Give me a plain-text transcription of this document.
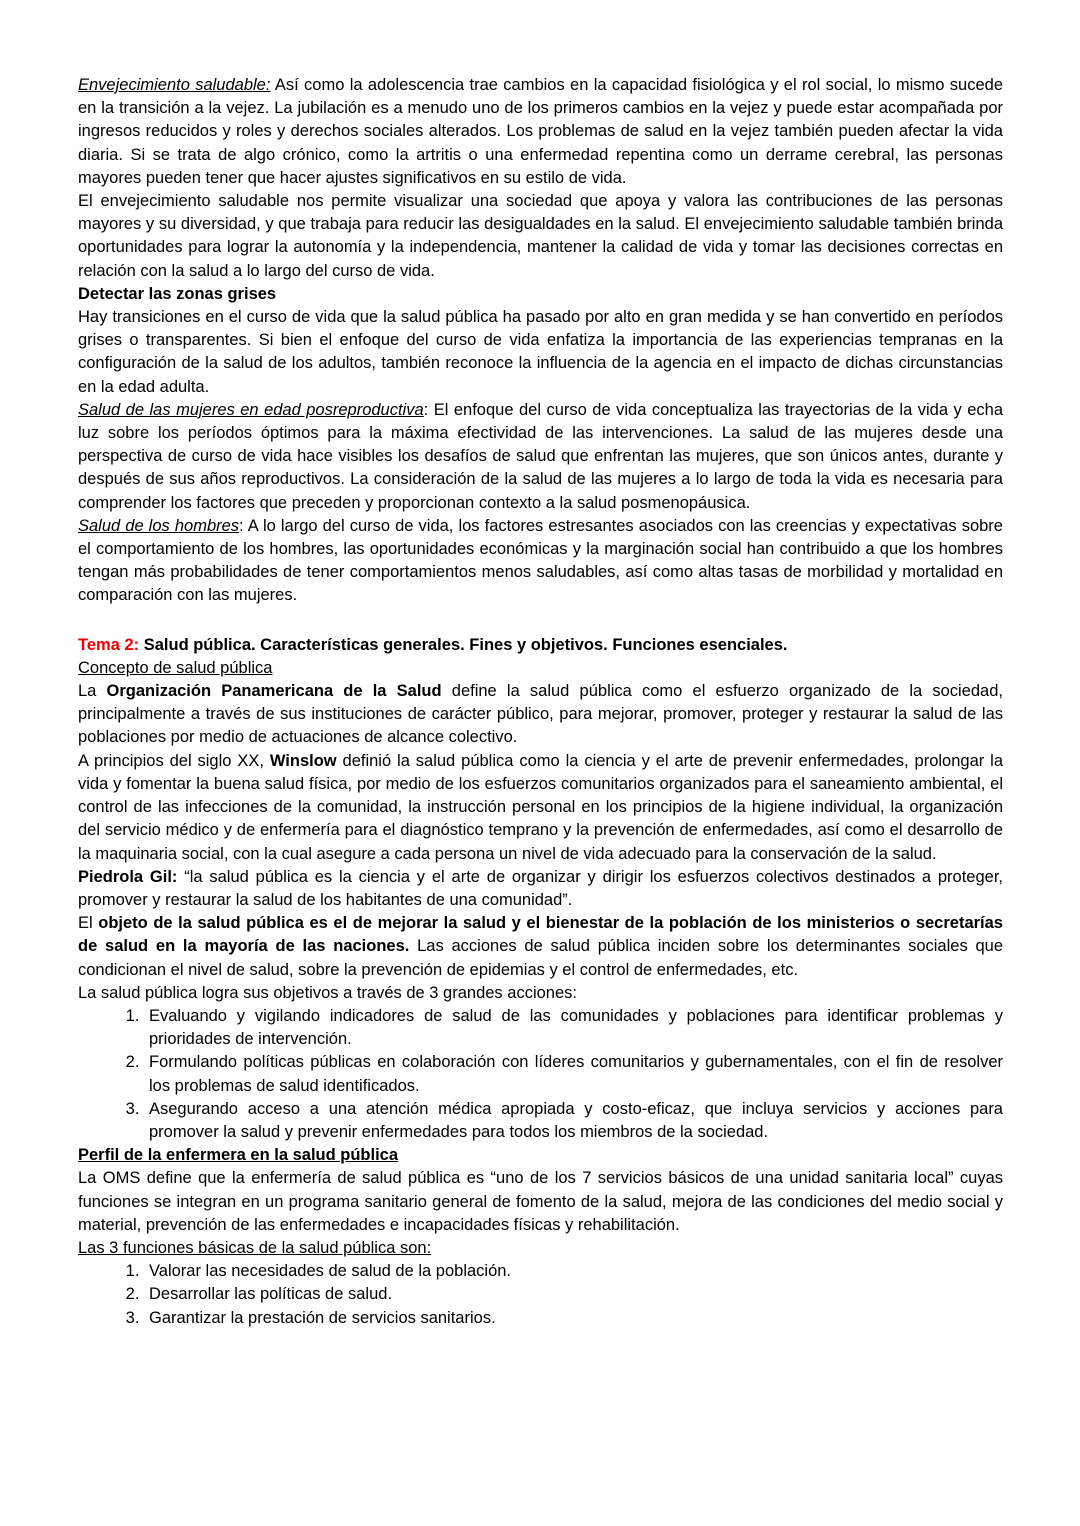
Envejecimiento saludable: Así como la adolescencia trae cambios en la capacidad fisiológica y el rol social, lo mismo sucede en la transición a la vejez. La jubilación es a menudo uno de los primeros cambios en la vejez y puede estar acompañada por ingresos reducidos y roles y derechos sociales alterados. Los problemas de salud en la vejez también pueden afectar la vida diaria. Si se trata de algo crónico, como la artritis o una enfermedad repentina como un derrame cerebral, las personas mayores pueden tener que hacer ajustes significativos en su estilo de vida.

El envejecimiento saludable nos permite visualizar una sociedad que apoya y valora las contribuciones de las personas mayores y su diversidad, y que trabaja para reducir las desigualdades en la salud. El envejecimiento saludable también brinda oportunidades para lograr la autonomía y la independencia, mantener la calidad de vida y tomar las decisiones correctas en relación con la salud a lo largo del curso de vida.

Detectar las zonas grises

Hay transiciones en el curso de vida que la salud pública ha pasado por alto en gran medida y se han convertido en períodos grises o transparentes. Si bien el enfoque del curso de vida enfatiza la importancia de las experiencias tempranas en la configuración de la salud de los adultos, también reconoce la influencia de la agencia en el impacto de dichas circunstancias en la edad adulta.

Salud de las mujeres en edad posreproductiva: El enfoque del curso de vida conceptualiza las trayectorias de la vida y echa luz sobre los períodos óptimos para la máxima efectividad de las intervenciones. La salud de las mujeres desde una perspectiva de curso de vida hace visibles los desafíos de salud que enfrentan las mujeres, que son únicos antes, durante y después de sus años reproductivos. La consideración de la salud de las mujeres a lo largo de toda la vida es necesaria para comprender los factores que preceden y proporcionan contexto a la salud posmenopáusica.

Salud de los hombres: A lo largo del curso de vida, los factores estresantes asociados con las creencias y expectativas sobre el comportamiento de los hombres, las oportunidades económicas y la marginación social han contribuido a que los hombres tengan más probabilidades de tener comportamientos menos saludables, así como altas tasas de morbilidad y mortalidad en comparación con las mujeres.

Tema 2: Salud pública. Características generales. Fines y objetivos. Funciones esenciales.

Concepto de salud pública

La Organización Panamericana de la Salud define la salud pública como el esfuerzo organizado de la sociedad, principalmente a través de sus instituciones de carácter público, para mejorar, promover, proteger y restaurar la salud de las poblaciones por medio de actuaciones de alcance colectivo.

A principios del siglo XX, Winslow definió la salud pública como la ciencia y el arte de prevenir enfermedades, prolongar la vida y fomentar la buena salud física, por medio de los esfuerzos comunitarios organizados para el saneamiento ambiental, el control de las infecciones de la comunidad, la instrucción personal en los principios de la higiene individual, la organización del servicio médico y de enfermería para el diagnóstico temprano y la prevención de enfermedades, así como el desarrollo de la maquinaria social, con la cual asegure a cada persona un nivel de vida adecuado para la conservación de la salud.

Piedrola Gil: “la salud pública es la ciencia y el arte de organizar y dirigir los esfuerzos colectivos destinados a proteger, promover y restaurar la salud de los habitantes de una comunidad”.

El objeto de la salud pública es el de mejorar la salud y el bienestar de la población de los ministerios o secretarías de salud en la mayoría de las naciones. Las acciones de salud pública inciden sobre los determinantes sociales que condicionan el nivel de salud, sobre la prevención de epidemias y el control de enfermedades, etc.

La salud pública logra sus objetivos a través de 3 grandes acciones:

1. Evaluando y vigilando indicadores de salud de las comunidades y poblaciones para identificar problemas y prioridades de intervención.
2. Formulando políticas públicas en colaboración con líderes comunitarios y gubernamentales, con el fin de resolver los problemas de salud identificados.
3. Asegurando acceso a una atención médica apropiada y costo-eficaz, que incluya servicios y acciones para promover la salud y prevenir enfermedades para todos los miembros de la sociedad.

Perfil de la enfermera en la salud pública

La OMS define que la enfermería de salud pública es “uno de los 7 servicios básicos de una unidad sanitaria local” cuyas funciones se integran en un programa sanitario general de fomento de la salud, mejora de las condiciones del medio social y material, prevención de las enfermedades e incapacidades físicas y rehabilitación.

Las 3 funciones básicas de la salud pública son:

1. Valorar las necesidades de salud de la población.
2. Desarrollar las políticas de salud.
3. Garantizar la prestación de servicios sanitarios.
